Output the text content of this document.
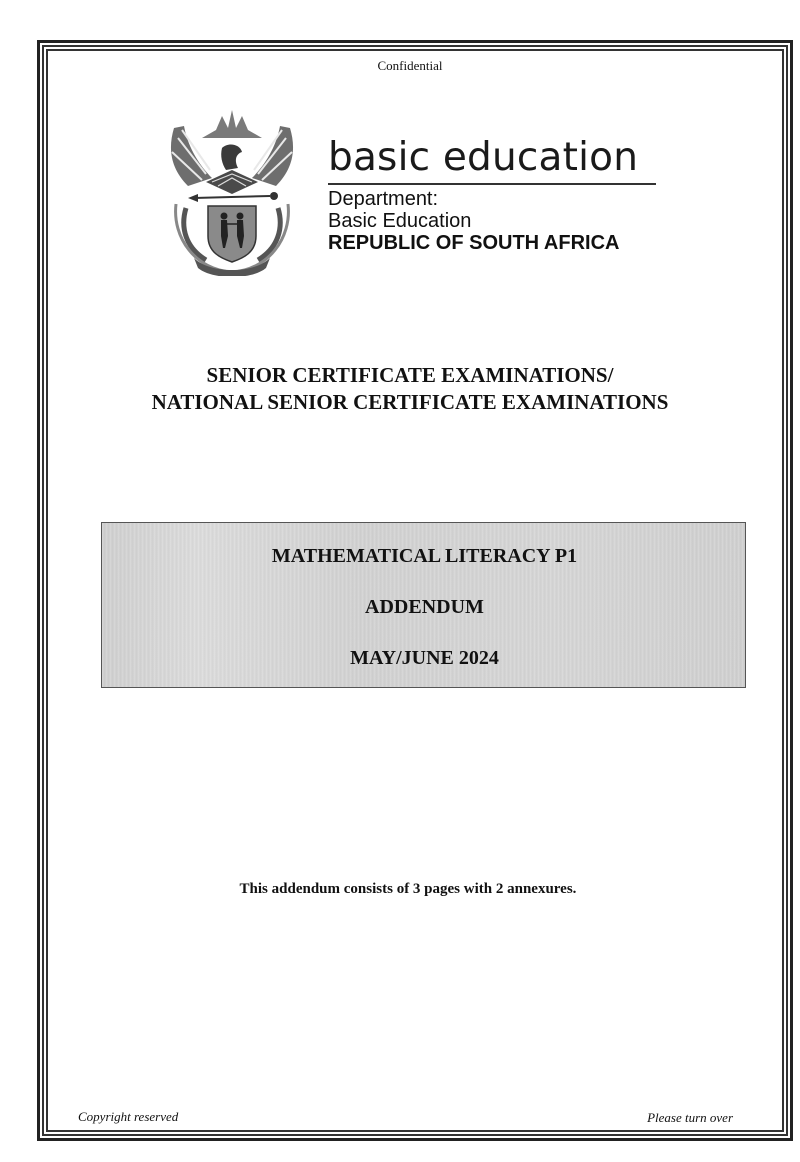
Confidential
basic education
Department:
Basic Education
REPUBLIC OF SOUTH AFRICA
SENIOR CERTIFICATE EXAMINATIONS/
NATIONAL SENIOR CERTIFICATE EXAMINATIONS
MATHEMATICAL LITERACY P1
ADDENDUM
MAY/JUNE 2024
This addendum consists of 3 pages with 2 annexures.
Copyright reserved	Please turn over
